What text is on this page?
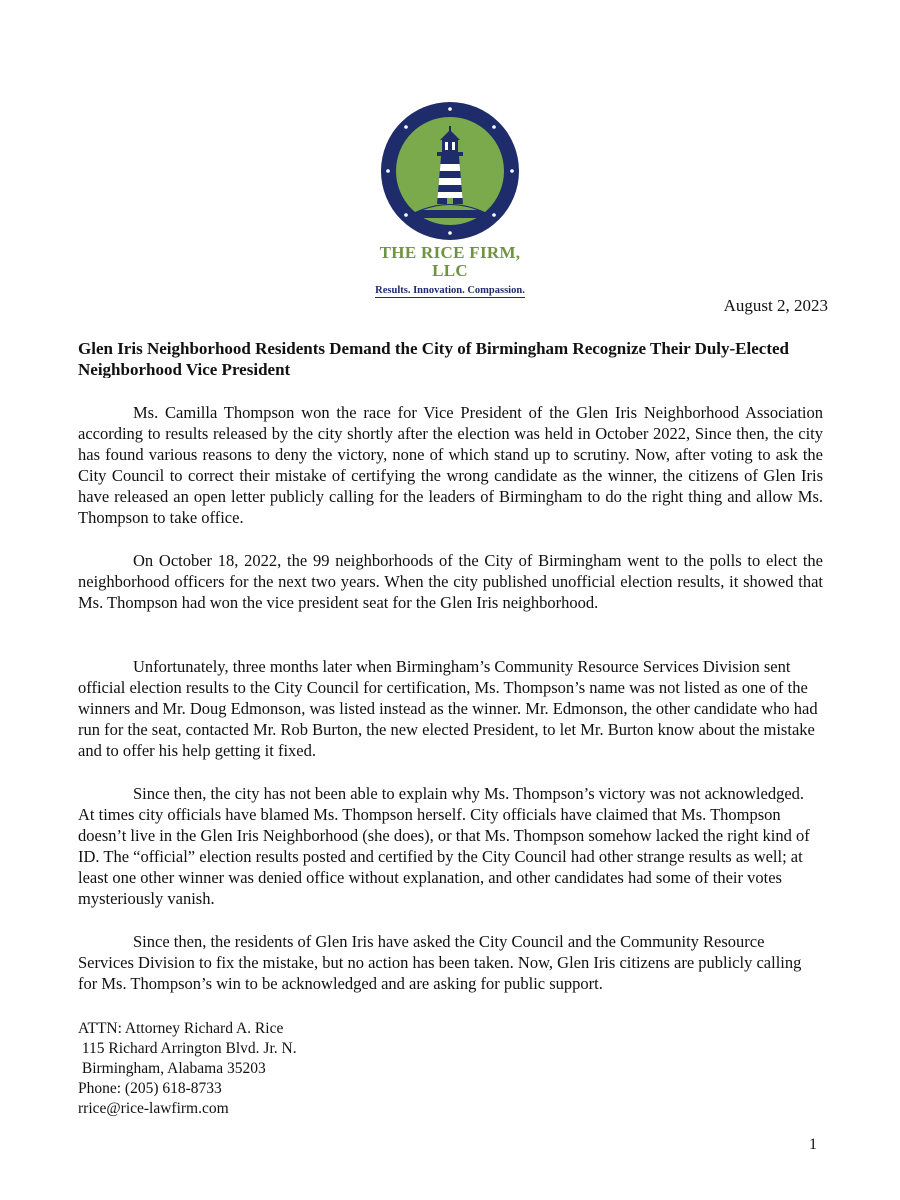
THE RICE FIRM, LLC
Results. Innovation. Compassion.
August 2, 2023
Glen Iris Neighborhood Residents Demand the City of Birmingham Recognize Their Duly-Elected Neighborhood Vice President

Ms. Camilla Thompson won the race for Vice President of the Glen Iris Neighborhood Association according to results released by the city shortly after the election was held in October 2022, Since then, the city has found various reasons to deny the victory, none of which stand up to scrutiny. Now, after voting to ask the City Council to correct their mistake of certifying the wrong candidate as the winner, the citizens of Glen Iris have released an open letter publicly calling for the leaders of Birmingham to do the right thing and allow Ms. Thompson to take office.

On October 18, 2022, the 99 neighborhoods of the City of Birmingham went to the polls to elect the neighborhood officers for the next two years. When the city published unofficial election results, it showed that Ms. Thompson had won the vice president seat for the Glen Iris neighborhood.

Unfortunately, three months later when Birmingham’s Community Resource Services Division sent official election results to the City Council for certification, Ms. Thompson’s name was not listed as one of the winners and Mr. Doug Edmonson, was listed instead as the winner. Mr. Edmonson, the other candidate who had run for the seat, contacted Mr. Rob Burton, the new elected President, to let Mr. Burton know about the mistake and to offer his help getting it fixed.

Since then, the city has not been able to explain why Ms. Thompson’s victory was not acknowledged. At times city officials have blamed Ms. Thompson herself. City officials have claimed that Ms. Thompson doesn’t live in the Glen Iris Neighborhood (she does), or that Ms. Thompson somehow lacked the right kind of ID. The “official” election results posted and certified by the City Council had other strange results as well; at least one other winner was denied office without explanation, and other candidates had some of their votes mysteriously vanish.

Since then, the residents of Glen Iris have asked the City Council and the Community Resource Services Division to fix the mistake, but no action has been taken. Now, Glen Iris citizens are publicly calling for Ms. Thompson’s win to be acknowledged and are asking for public support.

ATTN: Attorney Richard A. Rice
115 Richard Arrington Blvd. Jr. N.
Birmingham, Alabama 35203
Phone: (205) 618-8733
rrice@rice-lawfirm.com
1
